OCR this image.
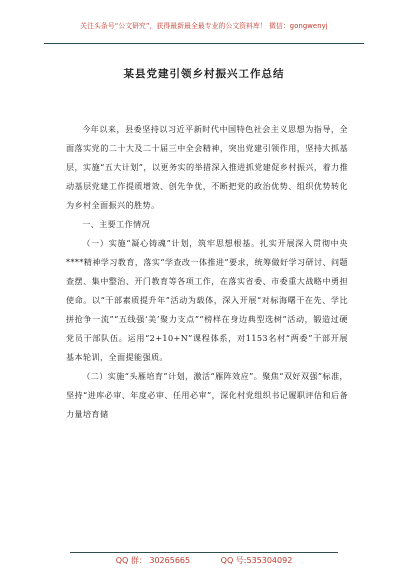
关注头条号“公文研究”，获得最新最全最专业的公文资料库！ 微信：gongwenyj
某县党建引领乡村振兴工作总结

今年以来，县委坚持以习近平新时代中国特色社会主义思想为指导，全面落实党的二十大及二十届三中全会精神，突出党建引领作用，坚持大抓基层，实施“五大计划”，以更务实的举措深入推进抓党建促乡村振兴，着力推动基层党建工作提质增效、创先争优，不断把党的政治优势、组织优势转化为乡村全面振兴的胜势。

一、主要工作情况

（一）实施“凝心铸魂”计划，筑牢思想根基。扎实开展深入贯彻中央****精神学习教育，落实“学查改一体推进”要求，统筹做好学习研讨、问题查摆、集中整治、开门教育等各项工作，在落实省委、市委重大战略中勇担使命。以“干部素质提升年”活动为载体，深入开展“对标海曙干在先、学比拼抢争一流”“五线强‘美’聚力支点”“榜样在身边典型选树”活动，锻造过硬党员干部队伍。运用“2+10+N”课程体系，对1153名村“两委”干部开展基本轮训，全面提能强质。

（二）实施“头雁培育”计划，激活“雁阵效应”。聚焦“双好双强”标准，坚持“进库必审、年度必审、任用必审”，深化村党组织书记履职评估和后备力量培育储

QQ 群： 30265665	QQ 号:535304092
